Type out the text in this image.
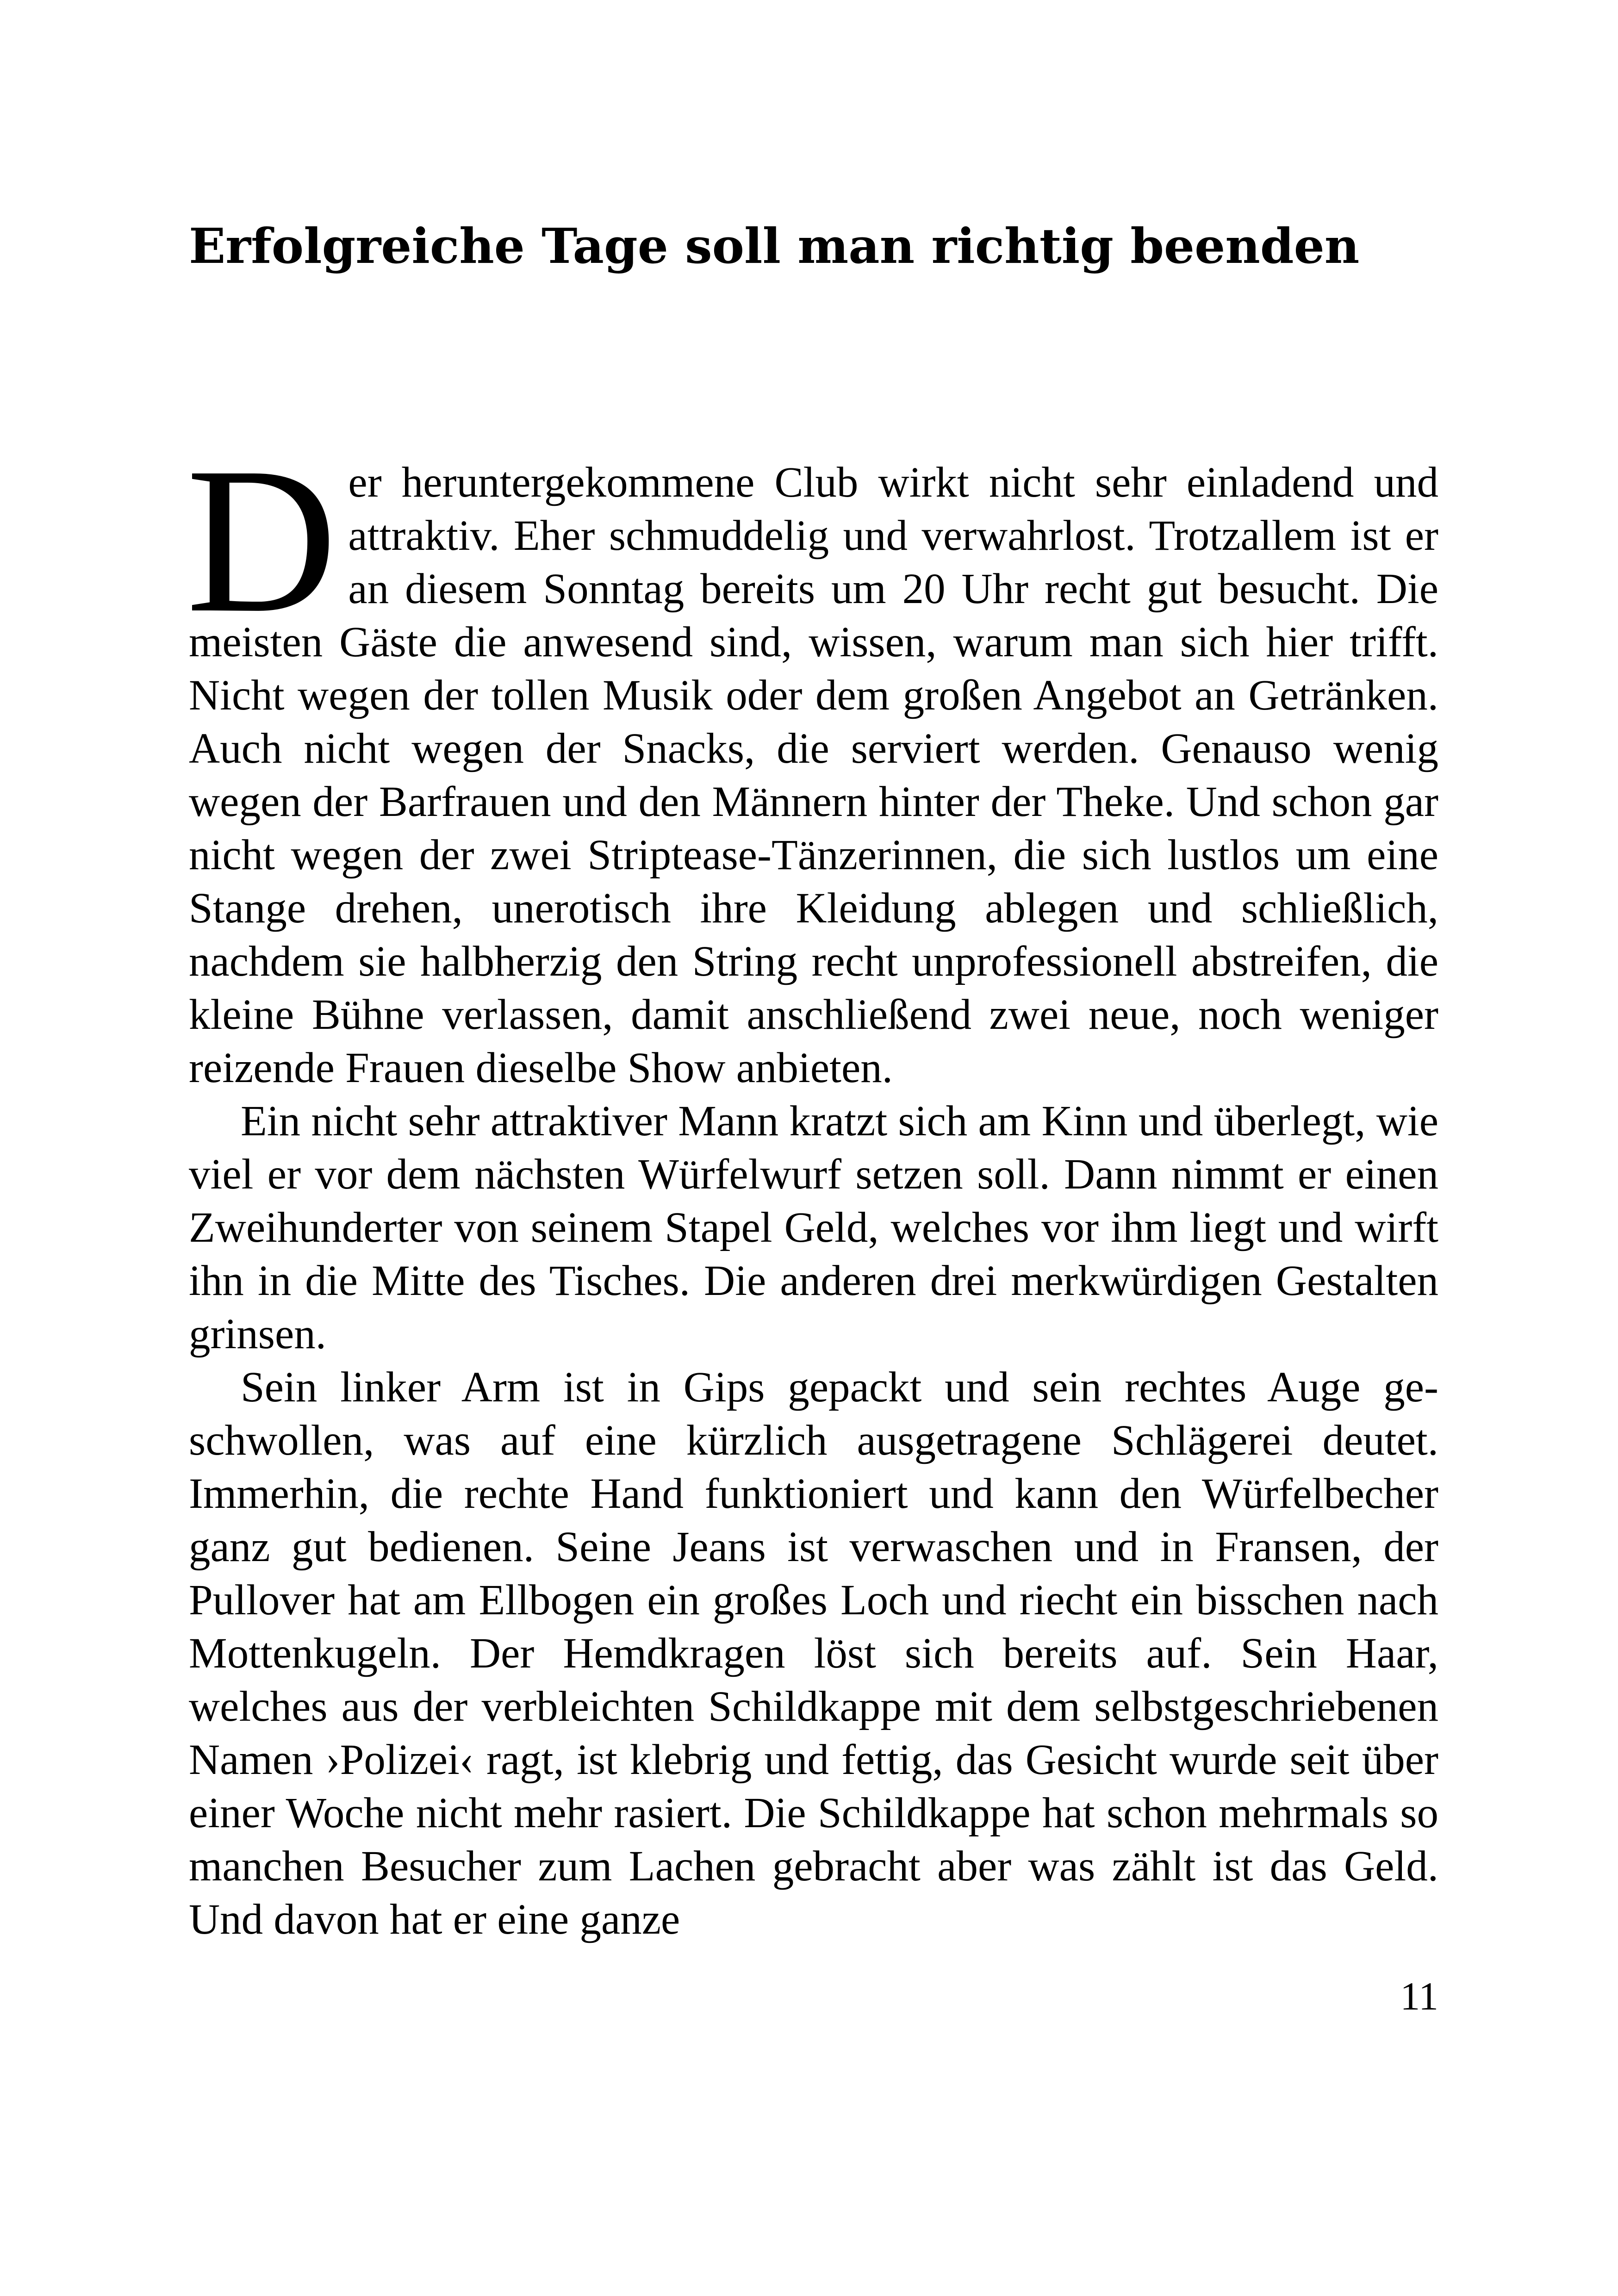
Erfolgreiche Tage soll man richtig beenden

Der heruntergekommene Club wirkt nicht sehr einladend und attraktiv. Eher schmuddelig und verwahrlost. Trotzallem ist er an diesem Sonntag bereits um 20 Uhr recht gut besucht. Die meisten Gäste die anwesend sind, wissen, warum man sich hier trifft. Nicht wegen der tollen Musik oder dem großen Angebot an Getränken. Auch nicht wegen der Snacks, die serviert werden. Genauso wenig wegen der Barfrauen und den Männern hinter der Theke. Und schon gar nicht wegen der zwei Striptease-Tänzerinnen, die sich lustlos um eine Stange drehen, unerotisch ihre Kleidung ablegen und schließlich, nachdem sie halbherzig den String recht unprofessionell abstreifen, die kleine Bühne verlassen, damit anschließend zwei neue, noch weniger reizende Frauen dieselbe Show anbieten.

Ein nicht sehr attraktiver Mann kratzt sich am Kinn und überlegt, wie viel er vor dem nächsten Würfelwurf setzen soll. Dann nimmt er einen Zweihunderter von seinem Stapel Geld, welches vor ihm liegt und wirft ihn in die Mitte des Tisches. Die anderen drei merkwürdigen Gestalten grinsen.

Sein linker Arm ist in Gips gepackt und sein rechtes Auge geschwollen, was auf eine kürzlich ausgetragene Schlägerei deutet. Immerhin, die rechte Hand funktioniert und kann den Würfelbecher ganz gut bedienen. Seine Jeans ist verwaschen und in Fransen, der Pullover hat am Ellbogen ein großes Loch und riecht ein bisschen nach Mottenkugeln. Der Hemdkragen löst sich bereits auf. Sein Haar, welches aus der verbleichten Schildkappe mit dem selbstgeschriebenen Namen ›Polizei‹ ragt, ist klebrig und fettig, das Gesicht wurde seit über einer Woche nicht mehr rasiert. Die Schildkappe hat schon mehrmals so manchen Besucher zum Lachen gebracht aber was zählt ist das Geld. Und davon hat er eine ganze

11
